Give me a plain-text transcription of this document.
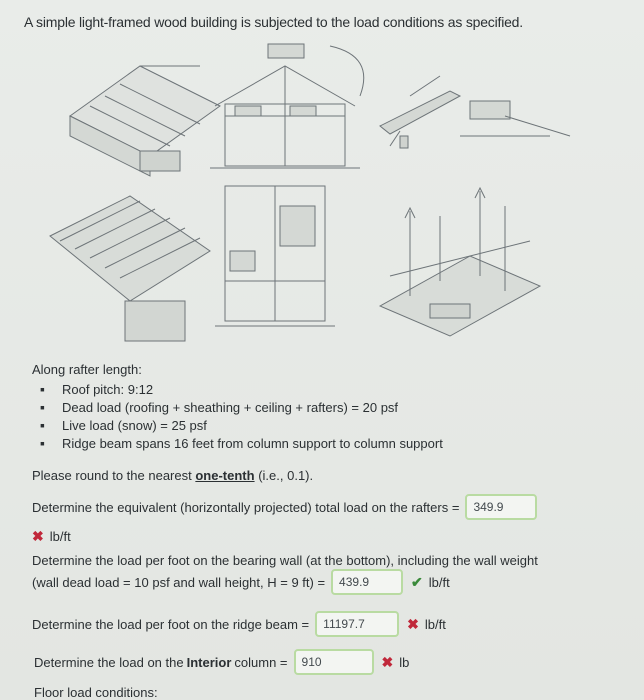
A simple light-framed wood building is subjected to the load conditions as specified.
Along rafter length:
▪ Roof pitch: 9:12
▪ Dead load (roofing + sheathing + ceiling + rafters) = 20 psf
▪ Live load (snow) = 25 psf
▪ Ridge beam spans 16 feet from column support to column support
Please round to the nearest one-tenth (i.e., 0.1).
Determine the equivalent (horizontally projected) total load on the rafters =	349.9
✖ lb/ft
Determine the load per foot on the bearing wall (at the bottom), including the wall weight
(wall dead load = 10 psf and wall height, H = 9 ft) =	439.9	✔ lb/ft
Determine the load per foot on the ridge beam =	11197.7	✖ lb/ft
Determine the load on the Interior column =	910	✖ lb
Floor load conditions:
